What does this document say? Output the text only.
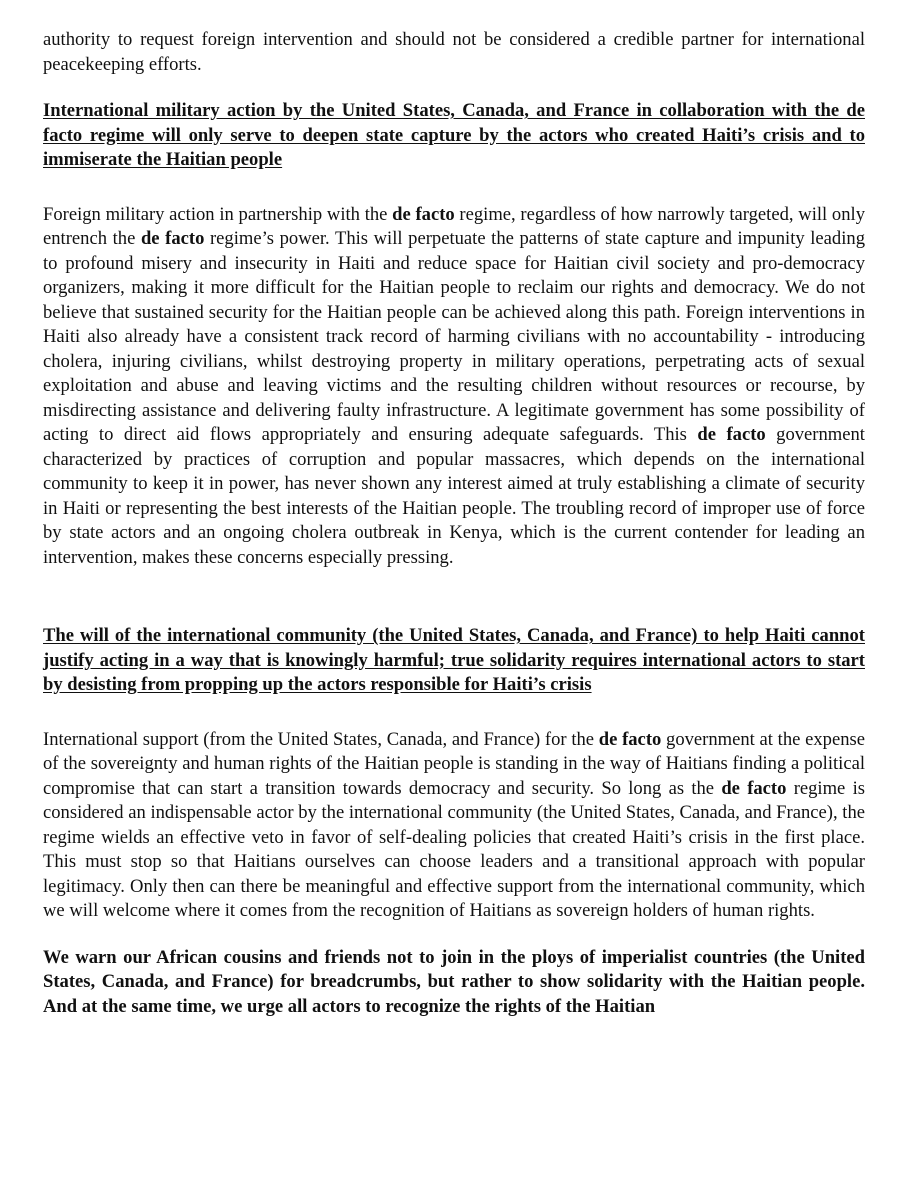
authority to request foreign intervention and should not be considered a credible partner for international peacekeeping efforts.

International military action by the United States, Canada, and France in collaboration with the de facto regime will only serve to deepen state capture by the actors who created Haiti’s crisis and to immiserate the Haitian people

Foreign military action in partnership with the de facto regime, regardless of how narrowly targeted, will only entrench the de facto regime’s power. This will perpetuate the patterns of state capture and impunity leading to profound misery and insecurity in Haiti and reduce space for Haitian civil society and pro-democracy organizers, making it more difficult for the Haitian people to reclaim our rights and democracy. We do not believe that sustained security for the Haitian people can be achieved along this path. Foreign interventions in Haiti also already have a consistent track record of harming civilians with no accountability - introducing cholera, injuring civilians, whilst destroying property in military operations, perpetrating acts of sexual exploitation and abuse and leaving victims and the resulting children without resources or recourse, by misdirecting assistance and delivering faulty infrastructure. A legitimate government has some possibility of acting to direct aid flows appropriately and ensuring adequate safeguards. This de facto government characterized by practices of corruption and popular massacres, which depends on the international community to keep it in power, has never shown any interest aimed at truly establishing a climate of security in Haiti or representing the best interests of the Haitian people. The troubling record of improper use of force by state actors and an ongoing cholera outbreak in Kenya, which is the current contender for leading an intervention, makes these concerns especially pressing.

The will of the international community (the United States, Canada, and France) to help Haiti cannot justify acting in a way that is knowingly harmful; true solidarity requires international actors to start by desisting from propping up the actors responsible for Haiti’s crisis

International support (from the United States, Canada, and France) for the de facto government at the expense of the sovereignty and human rights of the Haitian people is standing in the way of Haitians finding a political compromise that can start a transition towards democracy and security. So long as the de facto regime is considered an indispensable actor by the international community (the United States, Canada, and France), the regime wields an effective veto in favor of self-dealing policies that created Haiti’s crisis in the first place. This must stop so that Haitians ourselves can choose leaders and a transitional approach with popular legitimacy. Only then can there be meaningful and effective support from the international community, which we will welcome where it comes from the recognition of Haitians as sovereign holders of human rights.

We warn our African cousins and friends not to join in the ploys of imperialist countries (the United States, Canada, and France) for breadcrumbs, but rather to show solidarity with the Haitian people. And at the same time, we urge all actors to recognize the rights of the Haitian
